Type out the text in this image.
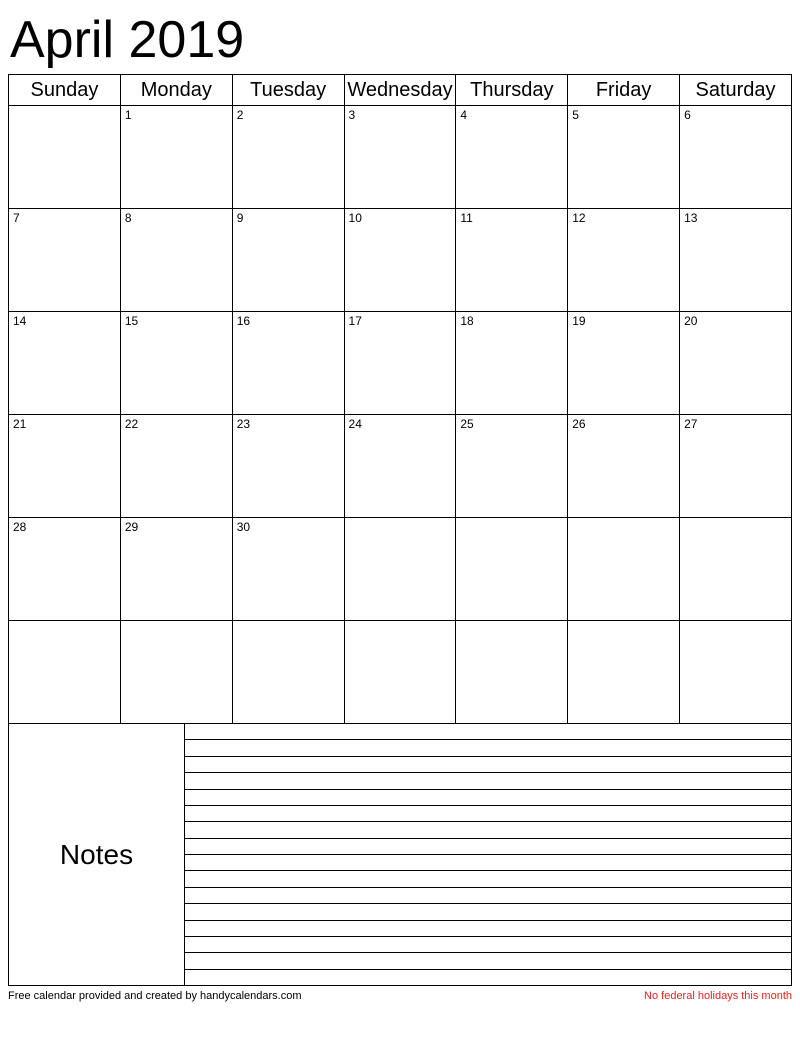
April 2019
Sunday	Monday	Tuesday	Wednesday	Thursday	Friday	Saturday

	1	2	3	4	5	6

7	8	9	10	11	12	13

14	15	16	17	18	19	20

21	22	23	24	25	26	27

28	29	30				

Notes
Free calendar provided and created by handycalendars.com	No federal holidays this month
